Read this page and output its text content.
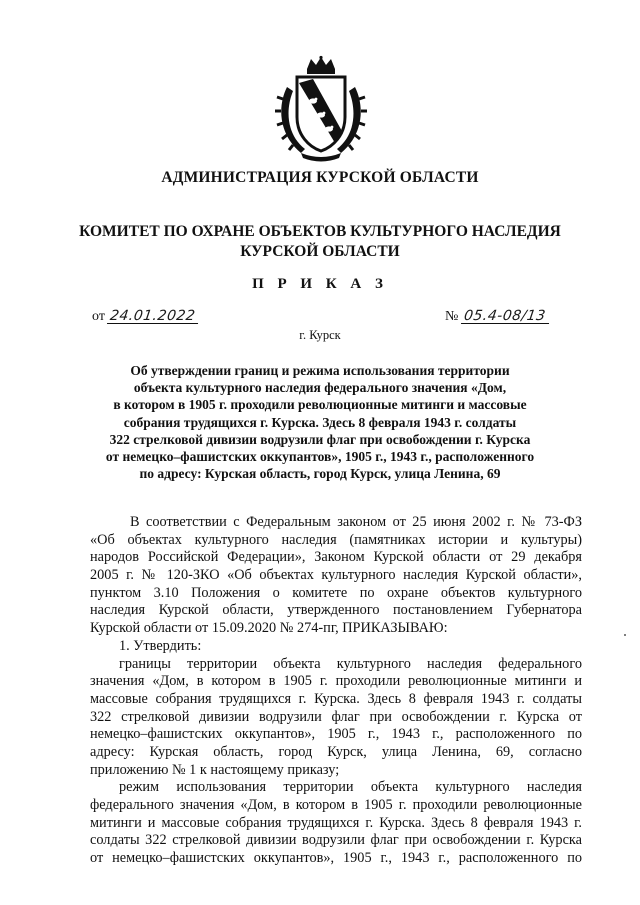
АДМИНИСТРАЦИЯ КУРСКОЙ ОБЛАСТИ
КОМИТЕТ ПО ОХРАНЕ ОБЪЕКТОВ КУЛЬТУРНОГО НАСЛЕДИЯ
КУРСКОЙ ОБЛАСТИ
П Р И К А З
от 24.01.2022	№ 05.4-08/13
г. Курск
Об утверждении границ и режима использования территории
объекта культурного наследия федерального значения «Дом,
в котором в 1905 г. проходили революционные митинги и массовые
собрания трудящихся г. Курска. Здесь 8 февраля 1943 г. солдаты
322 стрелковой дивизии водрузили флаг при освобождении г. Курска
от немецко–фашистских оккупантов», 1905 г., 1943 г., расположенного
по адресу: Курская область, город Курск, улица Ленина, 69
В соответствии с Федеральным законом от 25 июня 2002 г. № 73-ФЗ
«Об объектах культурного наследия (памятниках истории и культуры)
народов Российской Федерации», Законом Курской области от 29 декабря
2005 г. № 120-ЗКО «Об объектах культурного наследия Курской области»,
пунктом 3.10 Положения о комитете по охране объектов культурного
наследия Курской области, утвержденного постановлением Губернатора
Курской области от 15.09.2020 № 274-пг, ПРИКАЗЫВАЮ:
1. Утвердить:
границы территории объекта культурного наследия федерального
значения «Дом, в котором в 1905 г. проходили революционные митинги и
массовые собрания трудящихся г. Курска. Здесь 8 февраля 1943 г. солдаты
322 стрелковой дивизии водрузили флаг при освобождении г. Курска от
немецко–фашистских оккупантов», 1905 г., 1943 г., расположенного по
адресу: Курская область, город Курск, улица Ленина, 69, согласно
приложению № 1 к настоящему приказу;
режим использования территории объекта культурного наследия
федерального значения «Дом, в котором в 1905 г. проходили революционные
митинги и массовые собрания трудящихся г. Курска. Здесь 8 февраля 1943 г.
солдаты 322 стрелковой дивизии водрузили флаг при освобождении г. Курска
от немецко–фашистских оккупантов», 1905 г., 1943 г., расположенного по
